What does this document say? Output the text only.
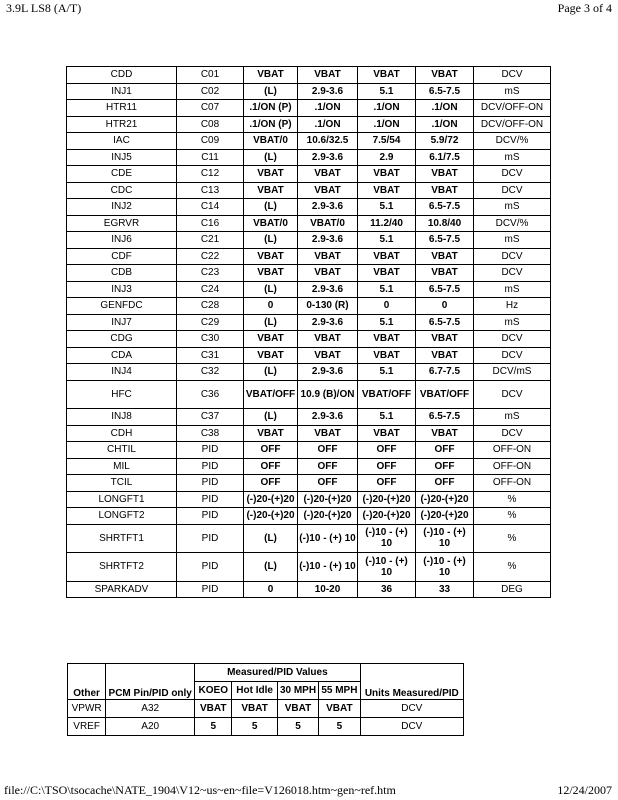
3.9L LS8 (A/T)	Page 3 of 4
CDD	C01	VBAT	VBAT	VBAT	VBAT	DCV
INJ1	C02	(L)	2.9-3.6	5.1	6.5-7.5	mS
HTR11	C07	.1/ON (P)	.1/ON	.1/ON	.1/ON	DCV/OFF-ON
HTR21	C08	.1/ON (P)	.1/ON	.1/ON	.1/ON	DCV/OFF-ON
IAC	C09	VBAT/0	10.6/32.5	7.5/54	5.9/72	DCV/%
INJ5	C11	(L)	2.9-3.6	2.9	6.1/7.5	mS
CDE	C12	VBAT	VBAT	VBAT	VBAT	DCV
CDC	C13	VBAT	VBAT	VBAT	VBAT	DCV
INJ2	C14	(L)	2.9-3.6	5.1	6.5-7.5	mS
EGRVR	C16	VBAT/0	VBAT/0	11.2/40	10.8/40	DCV/%
INJ6	C21	(L)	2.9-3.6	5.1	6.5-7.5	mS
CDF	C22	VBAT	VBAT	VBAT	VBAT	DCV
CDB	C23	VBAT	VBAT	VBAT	VBAT	DCV
INJ3	C24	(L)	2.9-3.6	5.1	6.5-7.5	mS
GENFDC	C28	0	0-130 (R)	0	0	Hz
INJ7	C29	(L)	2.9-3.6	5.1	6.5-7.5	mS
CDG	C30	VBAT	VBAT	VBAT	VBAT	DCV
CDA	C31	VBAT	VBAT	VBAT	VBAT	DCV
INJ4	C32	(L)	2.9-3.6	5.1	6.7-7.5	DCV/mS
HFC	C36	VBAT/OFF	10.9 (B)/ON	VBAT/OFF	VBAT/OFF	DCV
INJ8	C37	(L)	2.9-3.6	5.1	6.5-7.5	mS
CDH	C38	VBAT	VBAT	VBAT	VBAT	DCV
CHTIL	PID	OFF	OFF	OFF	OFF	OFF-ON
MIL	PID	OFF	OFF	OFF	OFF	OFF-ON
TCIL	PID	OFF	OFF	OFF	OFF	OFF-ON
LONGFT1	PID	(-)20-(+)20	(-)20-(+)20	(-)20-(+)20	(-)20-(+)20	%
LONGFT2	PID	(-)20-(+)20	(-)20-(+)20	(-)20-(+)20	(-)20-(+)20	%
SHRTFT1	PID	(L)	(-)10 - (+) 10	(-)10 - (+) 10	(-)10 - (+) 10	%
SHRTFT2	PID	(L)	(-)10 - (+) 10	(-)10 - (+) 10	(-)10 - (+) 10	%
SPARKADV	PID	0	10-20	36	33	DEG
Other	PCM Pin/PID only	Measured/PID Values				Units Measured/PID
		KOEO	Hot Idle	30 MPH	55 MPH	
VPWR	A32	VBAT	VBAT	VBAT	VBAT	DCV
VREF	A20	5	5	5	5	DCV
file://C:\TSO\tsocache\NATE_1904\V12~us~en~file=V126018.htm~gen~ref.htm	12/24/2007
